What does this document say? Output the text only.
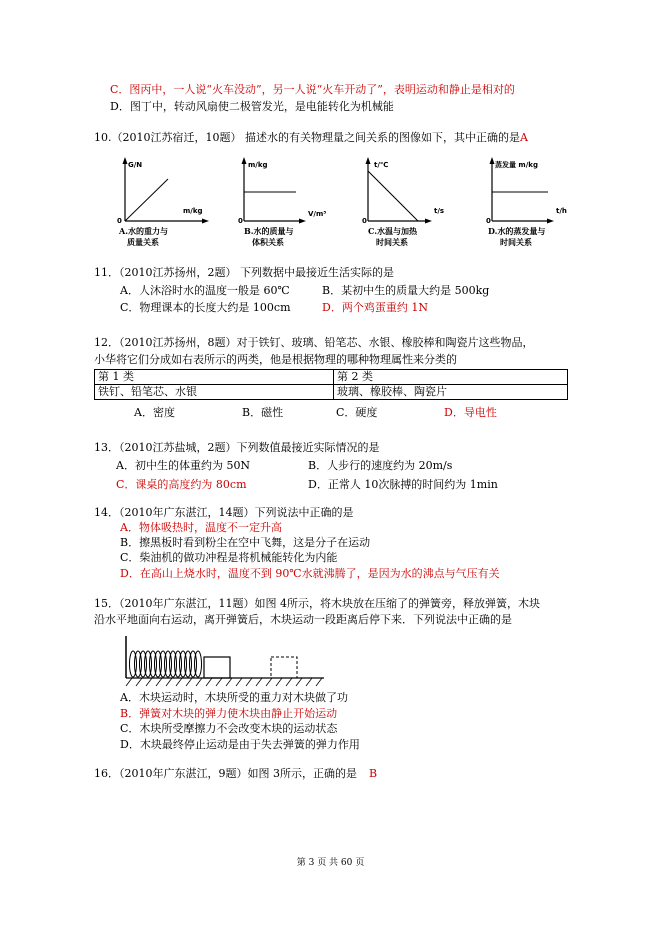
C．图丙中，一人说“火车没动”，另一人说“火车开动了”，表明运动和静止是相对的
D．图丁中，转动风扇使二极管发光，是电能转化为机械能
10.（2010江苏宿迁，10题） 描述水的有关物理量之间关系的图像如下，其中正确的是A
G/N
m/kg
0
A.水的重力与
质量关系
m/kg
V/m³
0
B.水的质量与
体积关系
t/℃
t/s
0
C.水温与加热
时间关系
蒸发量 m/kg
t/h
0
D.水的蒸发量与
时间关系
11．（2010江苏扬州，2题） 下列数据中最接近生活实际的是
A．人沐浴时水的温度一般是 60℃	B．某初中生的质量大约是 500kg
C．物理课本的长度大约是 100cm	D．两个鸡蛋重约 1N
12．（2010江苏扬州，8题）对于铁钉、玻璃、铅笔芯、水银、橡胶棒和陶瓷片这些物品，
小华将它们分成如右表所示的两类，他是根据物理的哪种物理属性来分类的
第 1 类	第 2 类
铁钉、铅笔芯、水银	玻璃、橡胶棒、陶瓷片
A．密度	B．磁性	C．硬度	D．导电性
13．（2010江苏盐城，2题）下列数值最接近实际情况的是
A．初中生的体重约为 50N	B．人步行的速度约为 20m/s
C．课桌的高度约为 80cm	D．正常人 10次脉搏的时间约为 1min
14．（2010年广东湛江，14题）下列说法中正确的是
A．物体吸热时，温度不一定升高
B．擦黑板时看到粉尘在空中飞舞，这是分子在运动
C．柴油机的做功冲程是将机械能转化为内能
D．在高山上烧水时，温度不到 90℃水就沸腾了，是因为水的沸点与气压有关
15．（2010年广东湛江，11题）如图 4所示，将木块放在压缩了的弹簧旁，释放弹簧，木块
沿水平地面向右运动，离开弹簧后，木块运动一段距离后停下来．下列说法中正确的是
A．木块运动时，木块所受的重力对木块做了功
B．弹簧对木块的弹力使木块由静止开始运动
C．木块所受摩擦力不会改变木块的运动状态
D．木块最终停止运动是由于失去弹簧的弹力作用
16．（2010年广东湛江，9题）如图 3所示，正确的是 B
第 3 页 共 60 页
